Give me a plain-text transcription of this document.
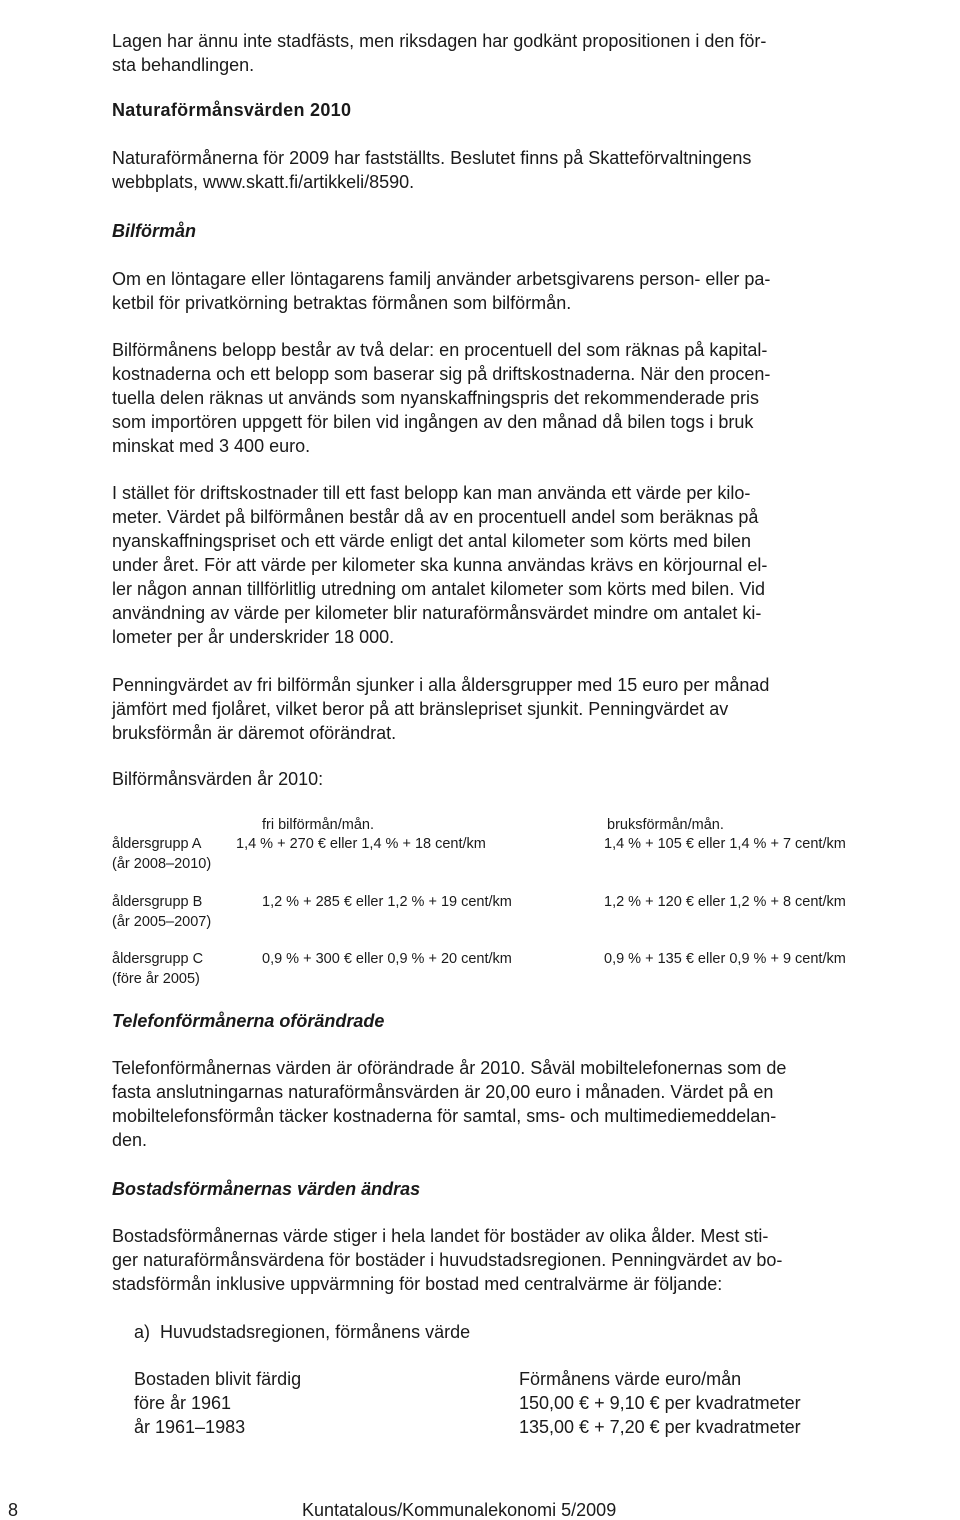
Lagen har ännu inte stadfästs, men riksdagen har godkänt propositionen i den för-
sta behandlingen.

Naturaförmånsvärden 2010

Naturaförmånerna för 2009 har fastställts. Beslutet finns på Skatteförvaltningens
webbplats, www.skatt.fi/artikkeli/8590.

Bilförmån

Om en löntagare eller löntagarens familj använder arbetsgivarens person- eller pa-
ketbil för privatkörning betraktas förmånen som bilförmån.

Bilförmånens belopp består av två delar: en procentuell del som räknas på kapital-
kostnaderna och ett belopp som baserar sig på driftskostnaderna. När den procen-
tuella delen räknas ut används som nyanskaffningspris det rekommenderade pris
som importören uppgett för bilen vid ingången av den månad då bilen togs i bruk
minskat med 3 400 euro.

I stället för driftskostnader till ett fast belopp kan man använda ett värde per kilo-
meter. Värdet på bilförmånen består då av en procentuell andel som beräknas på
nyanskaffningspriset och ett värde enligt det antal kilometer som körts med bilen
under året. För att värde per kilometer ska kunna användas krävs en körjournal el-
ler någon annan tillförlitlig utredning om antalet kilometer som körts med bilen. Vid
användning av värde per kilometer blir naturaförmånsvärdet mindre om antalet ki-
lometer per år underskrider 18 000.

Penningvärdet av fri bilförmån sjunker i alla åldersgrupper med 15 euro per månad
jämfört med fjolåret, vilket beror på att bränslepriset sjunkit. Penningvärdet av
bruksförmån är däremot oförändrat.

Bilförmånsvärden år 2010:

fri bilförmån/mån.	bruksförmån/mån.
åldersgrupp A
(år 2008–2010)
1,4 % + 270 € eller 1,4 % + 18 cent/km	1,4 % + 105 € eller 1,4 % + 7 cent/km
åldersgrupp B
(år 2005–2007)
1,2 % + 285 € eller 1,2 % + 19 cent/km	1,2 % + 120 € eller 1,2 % + 8 cent/km
åldersgrupp C
(före år 2005)
0,9 % + 300 € eller 0,9 % + 20 cent/km	0,9 % + 135 € eller 0,9 % + 9 cent/km
Telefonförmånerna oförändrade

Telefonförmånernas värden är oförändrade år 2010. Såväl mobiltelefonernas som de
fasta anslutningarnas naturaförmånsvärden är 20,00 euro i månaden. Värdet på en
mobiltelefonsförmån täcker kostnaderna för samtal, sms- och multimediemeddelan-
den.

Bostadsförmånernas värden ändras

Bostadsförmånernas värde stiger i hela landet för bostäder av olika ålder. Mest sti-
ger naturaförmånsvärdena för bostäder i huvudstadsregionen. Penningvärdet av bo-
stadsförmån inklusive uppvärmning för bostad med centralvärme är följande:

a)  Huvudstadsregionen, förmånens värde
Bostaden blivit färdig	Förmånens värde euro/mån
före år 1961	150,00 € + 9,10 € per kvadratmeter
år 1961–1983	135,00 € + 7,20 € per kvadratmeter
8	Kuntatalous/Kommunalekonomi 5/2009
